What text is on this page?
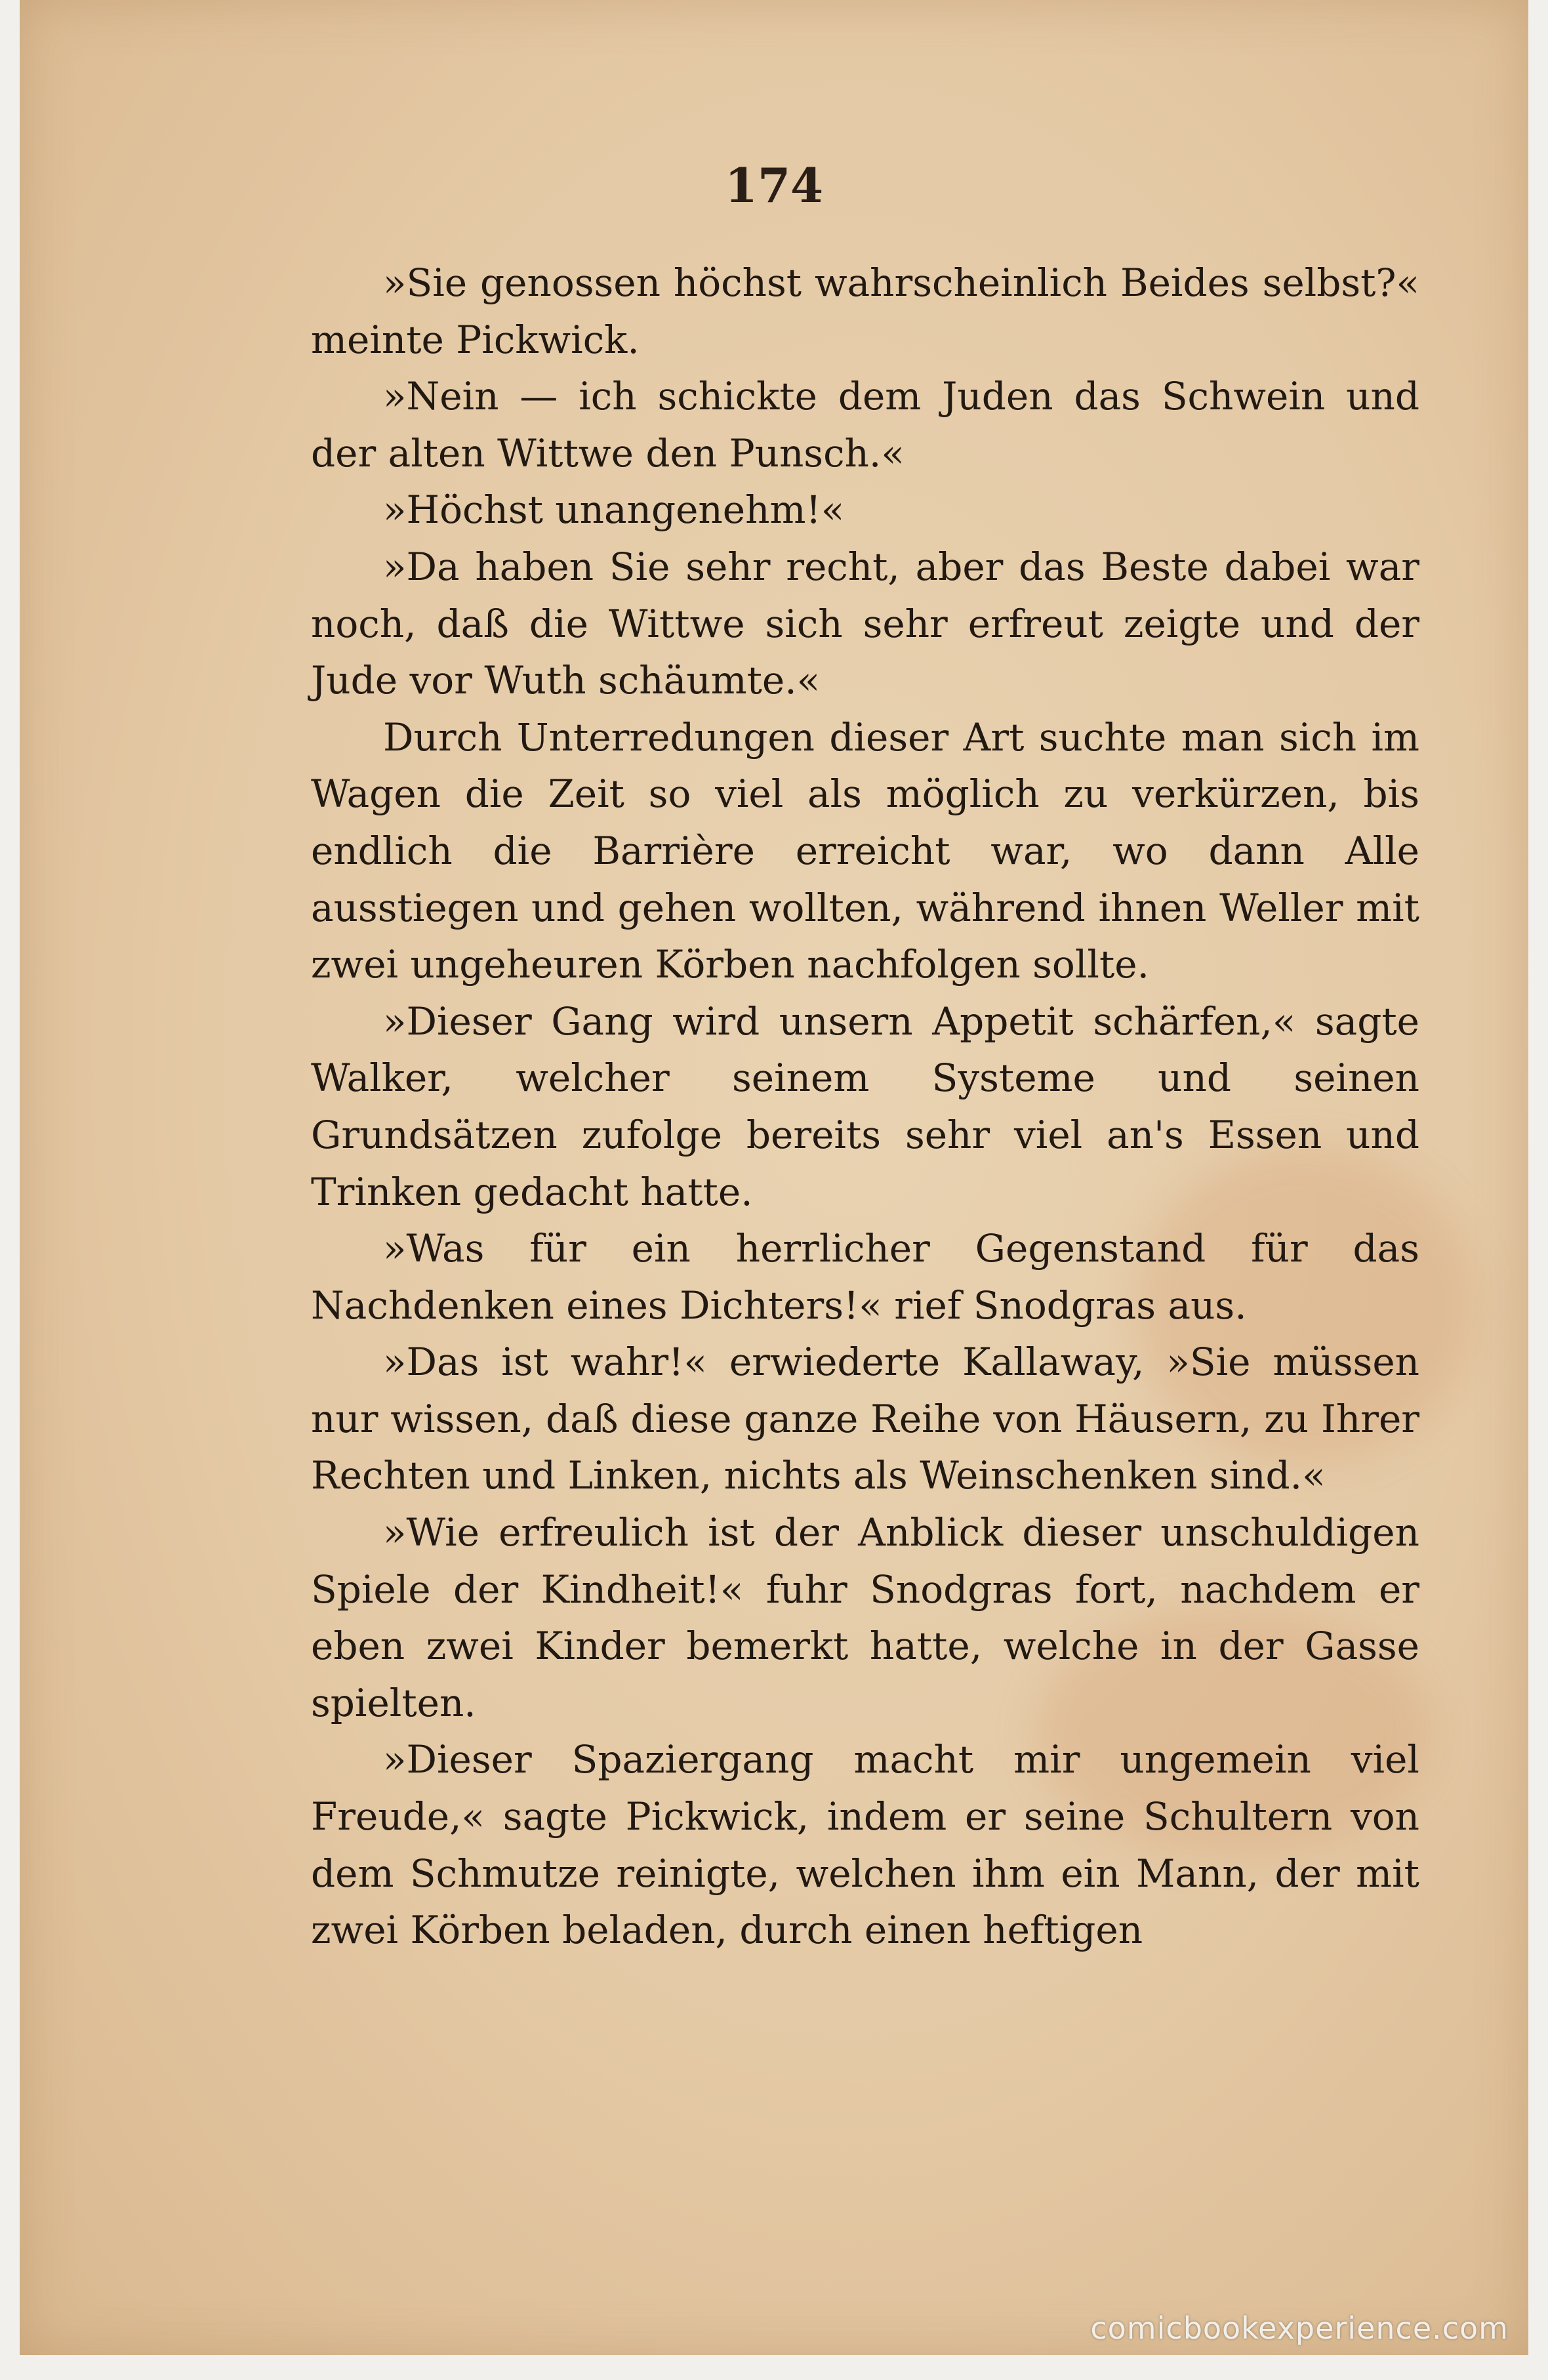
174

»Sie genossen höchst wahrscheinlich Beides selbst?« meinte Pickwick.

»Nein — ich schickte dem Juden das Schwein und der alten Wittwe den Punsch.«

»Höchst unangenehm!«

»Da haben Sie sehr recht, aber das Beste dabei war noch, daß die Wittwe sich sehr erfreut zeigte und der Jude vor Wuth schäumte.«

Durch Unterredungen dieser Art suchte man sich im Wagen die Zeit so viel als möglich zu verkürzen, bis endlich die Barrière erreicht war, wo dann Alle ausstiegen und gehen wollten, während ihnen Weller mit zwei ungeheuren Körben nachfolgen sollte.

»Dieser Gang wird unsern Appetit schärfen,« sagte Walker, welcher seinem Systeme und seinen Grundsätzen zufolge bereits sehr viel an's Essen und Trinken gedacht hatte.

»Was für ein herrlicher Gegenstand für das Nachdenken eines Dichters!« rief Snodgras aus.

»Das ist wahr!« erwiederte Kallaway, »Sie müssen nur wissen, daß diese ganze Reihe von Häusern, zu Ihrer Rechten und Linken, nichts als Weinschenken sind.«

»Wie erfreulich ist der Anblick dieser unschuldigen Spiele der Kindheit!« fuhr Snodgras fort, nachdem er eben zwei Kinder bemerkt hatte, welche in der Gasse spielten.

»Dieser Spaziergang macht mir ungemein viel Freude,« sagte Pickwick, indem er seine Schultern von dem Schmutze reinigte, welchen ihm ein Mann, der mit zwei Körben beladen, durch einen heftigen

comicbookexperience.com
